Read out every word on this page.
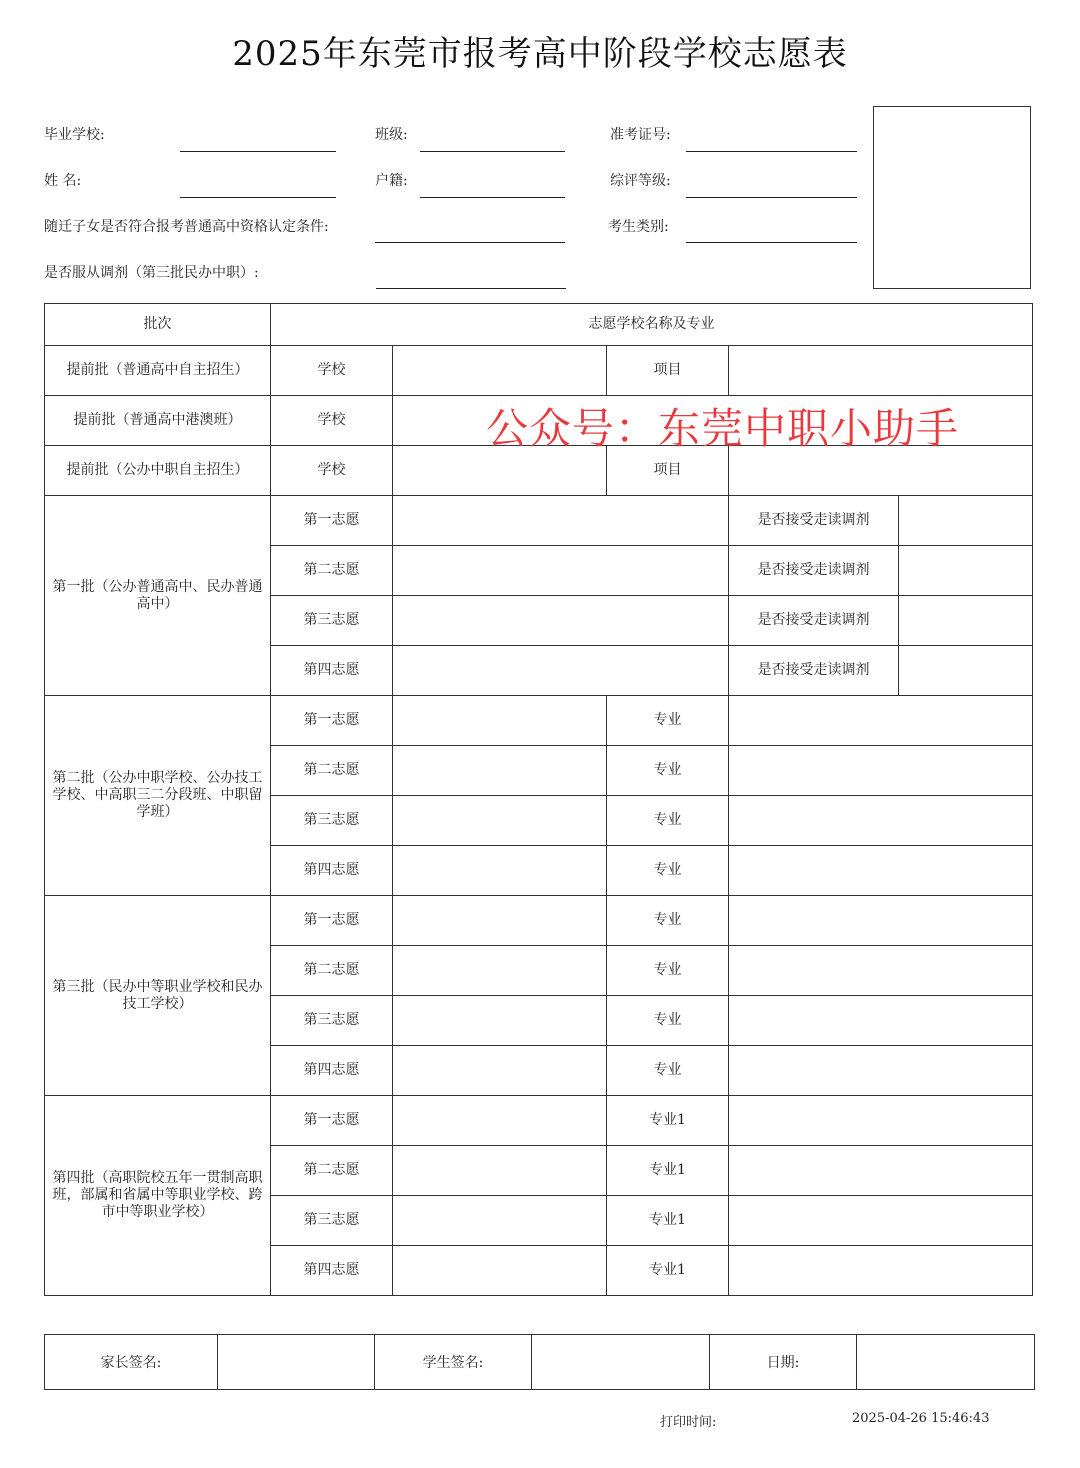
2025年东莞市报考高中阶段学校志愿表
毕业学校:	班级:	准考证号:
姓 名:	户籍:	综评等级:
随迁子女是否符合报考普通高中资格认定条件:	考生类别:
是否服从调剂（第三批民办中职）:
批次	志愿学校名称及专业				
提前批（普通高中自主招生）	学校		项目		
提前批（普通高中港澳班）	学校				
提前批（公办中职自主招生）	学校		项目		
第一批（公办普通高中、民办普通高中）	第一志愿			是否接受走读调剂	
	第二志愿			是否接受走读调剂	
	第三志愿			是否接受走读调剂	
	第四志愿			是否接受走读调剂	
第二批（公办中职学校、公办技工学校、中高职三二分段班、中职留学班）	第一志愿		专业		
	第二志愿		专业		
	第三志愿		专业		
	第四志愿		专业		
第三批（民办中等职业学校和民办技工学校）	第一志愿		专业		
	第二志愿		专业		
	第三志愿		专业		
	第四志愿		专业		
第四批（高职院校五年一贯制高职班，部属和省属中等职业学校、跨市中等职业学校）	第一志愿		专业1		
	第二志愿		专业1		
	第三志愿		专业1		
	第四志愿		专业1		
公众号：东莞中职小助手
家长签名:		学生签名:		日期:	
打印时间:	2025-04-26 15:46:43
